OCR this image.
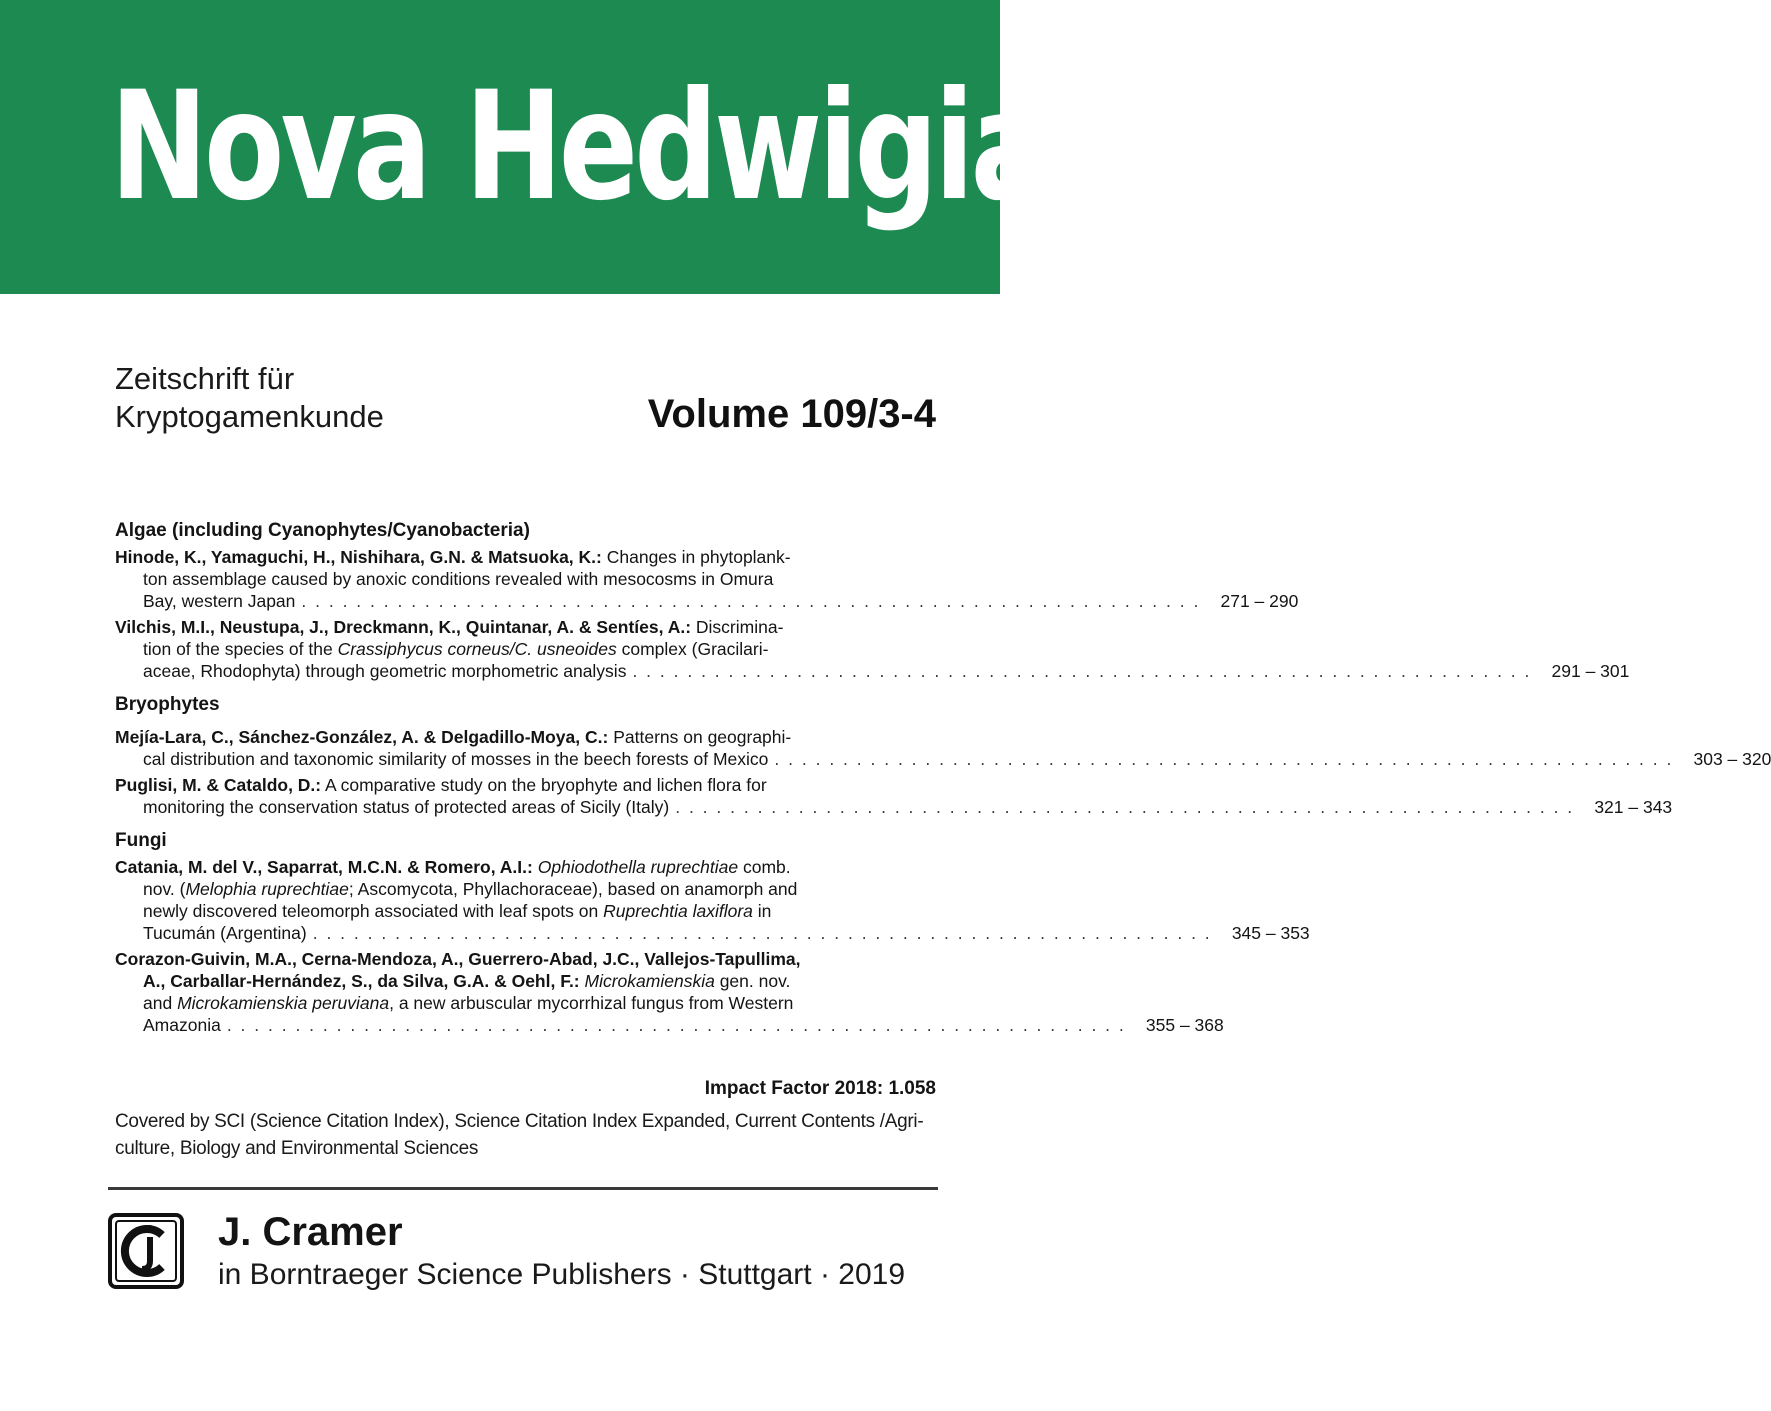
Nova Hedwigia
Zeitschrift für
Kryptogamenkunde	Volume 109/3-4
Algae (including Cyanophytes/Cyanobacteria)

Hinode, K., Yamaguchi, H., Nishihara, G.N. & Matsuoka, K.: Changes in phytoplank-

ton assemblage caused by anoxic conditions revealed with mesocosms in Omura

Bay, western Japan . . . . . . . . . . . . . . . . . . . . . . . . . . . . . . . . . . . . . . . . . . . . . . . . . . . . . . . . . . . . . . . . . .	271 – 290

Vilchis, M.I., Neustupa, J., Dreckmann, K., Quintanar, A. & Sentíes, A.: Discrimina-

tion of the species of the Crassiphycus corneus/C. usneoides complex (Gracilari-

aceae, Rhodophyta) through geometric morphometric analysis . . . . . . . . . . . . . . . . . . . . . . . . . . . . . . . . . . . . . . . . . . . . . . . . . . . . . . . . . . . . . . . . . .	291 – 301
Bryophytes

Mejía-Lara, C., Sánchez-González, A. & Delgadillo-Moya, C.: Patterns on geographi-

cal distribution and taxonomic similarity of mosses in the beech forests of Mexico . . . . . . . . . . . . . . . . . . . . . . . . . . . . . . . . . . . . . . . . . . . . . . . . . . . . . . . . . . . . . . . . . .	303 – 320

Puglisi, M. & Cataldo, D.: A comparative study on the bryophyte and lichen flora for

monitoring the conservation status of protected areas of Sicily (Italy) . . . . . . . . . . . . . . . . . . . . . . . . . . . . . . . . . . . . . . . . . . . . . . . . . . . . . . . . . . . . . . . . . .	321 – 343
Fungi

Catania, M. del V., Saparrat, M.C.N. & Romero, A.I.: Ophiodothella ruprechtiae comb.

nov. (Melophia ruprechtiae; Ascomycota, Phyllachoraceae), based on anamorph and

newly discovered teleomorph associated with leaf spots on Ruprechtia laxiflora in

Tucumán (Argentina) . . . . . . . . . . . . . . . . . . . . . . . . . . . . . . . . . . . . . . . . . . . . . . . . . . . . . . . . . . . . . . . . . .	345 – 353

Corazon-Guivin, M.A., Cerna-Mendoza, A., Guerrero-Abad, J.C., Vallejos-Tapullima,

A., Carballar-Hernández, S., da Silva, G.A. & Oehl, F.: Microkamienskia gen. nov.

and Microkamienskia peruviana, a new arbuscular mycorrhizal fungus from Western

Amazonia . . . . . . . . . . . . . . . . . . . . . . . . . . . . . . . . . . . . . . . . . . . . . . . . . . . . . . . . . . . . . . . . . .	355 – 368
Impact Factor 2018: 1.058
Covered by SCI (Science Citation Index), Science Citation Index Expanded, Current Contents /Agri-
culture, Biology and Environmental Sciences
J. Cramer
in Borntraeger Science Publishers · Stuttgart · 2019
